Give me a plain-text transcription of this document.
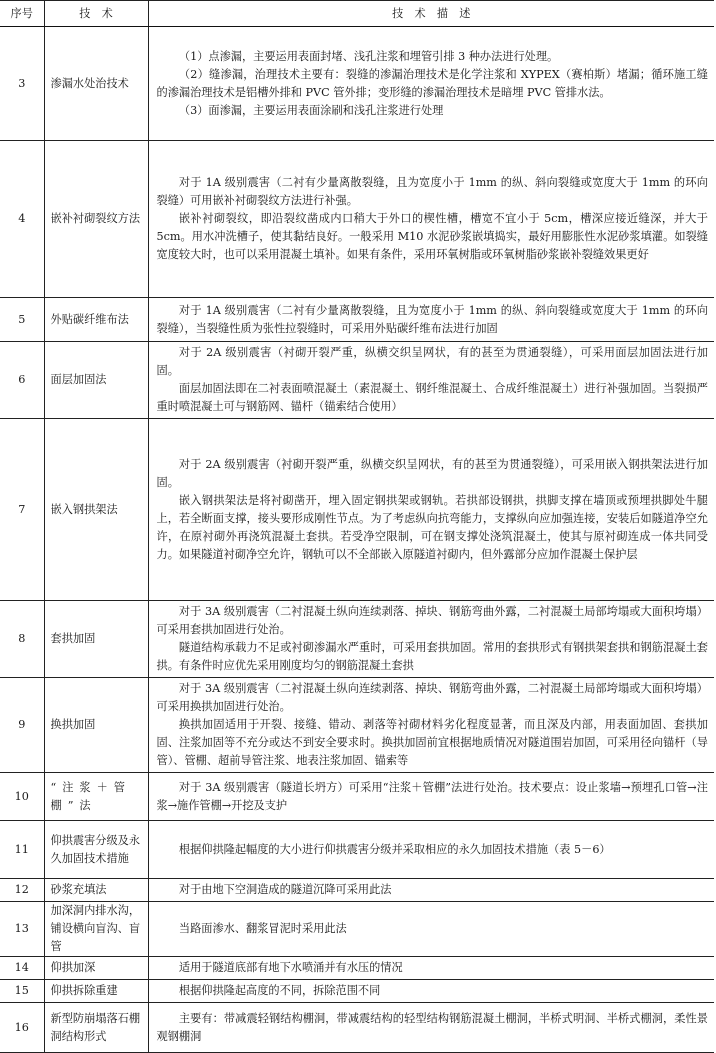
序号	技　术	技　术　描　述
3	渗漏水处治技术	（1）点渗漏，主要运用表面封堵、浅孔注浆和埋管引排 3 种办法进行处理。

（2）缝渗漏，治理技术主要有：裂缝的渗漏治理技术是化学注浆和 XYPEX（赛柏斯）堵漏；循环施工缝的渗漏治理技术是铝槽外排和 PVC 管外排；变形缝的渗漏治理技术是暗埋 PVC 管排水法。

（3）面渗漏，主要运用表面涂刷和浅孔注浆进行处理

4	嵌补衬砌裂纹方法	对于 1A 级别震害（二衬有少量离散裂缝，且为宽度小于 1mm 的纵、斜向裂缝或宽度大于 1mm 的环向裂缝）可用嵌补衬砌裂纹方法进行补强。

嵌补衬砌裂纹，即沿裂纹凿成内口稍大于外口的楔性槽，槽宽不宜小于 5cm，槽深应接近缝深，并大于 5cm。用水冲洗槽子，使其黏结良好。一般采用 M10 水泥砂浆嵌填捣实，最好用膨胀性水泥砂浆填灌。如裂缝宽度较大时，也可以采用混凝土填补。如果有条件，采用环氧树脂或环氧树脂砂浆嵌补裂缝效果更好

5	外贴碳纤维布法	对于 1A 级别震害（二衬有少量离散裂缝，且为宽度小于 1mm 的纵、斜向裂缝或宽度大于 1mm 的环向裂缝），当裂缝性质为张性拉裂缝时，可采用外贴碳纤维布法进行加固

6	面层加固法	对于 2A 级别震害（衬砌开裂严重，纵横交织呈网状，有的甚至为贯通裂缝），可采用面层加固法进行加固。

面层加固法即在二衬表面喷混凝土（素混凝土、钢纤维混凝土、合成纤维混凝土）进行补强加固。当裂损严重时喷混凝土可与钢筋网、锚杆（锚索结合使用）

7	嵌入钢拱架法	对于 2A 级别震害（衬砌开裂严重，纵横交织呈网状，有的甚至为贯通裂缝），可采用嵌入钢拱架法进行加固。

嵌入钢拱架法是将衬砌凿开，埋入固定钢拱架或钢轨。若拱部设钢拱，拱脚支撑在墙顶或预埋拱脚处牛腿上，若全断面支撑，接头要形成刚性节点。为了考虑纵向抗弯能力，支撑纵向应加强连接，安装后如隧道净空允许，在原衬砌外再浇筑混凝土套拱。若受净空限制，可在钢支撑处浇筑混凝土，使其与原衬砌连成一体共同受力。如果隧道衬砌净空允许，钢轨可以不全部嵌入原隧道衬砌内，但外露部分应加作混凝土保护层

8	套拱加固	对于 3A 级别震害（二衬混凝土纵向连续剥落、掉块、钢筋弯曲外露，二衬混凝土局部垮塌或大面积垮塌）可采用套拱加固进行处治。

隧道结构承载力不足或衬砌渗漏水严重时，可采用套拱加固。常用的套拱形式有钢拱架套拱和钢筋混凝土套拱。有条件时应优先采用刚度均匀的钢筋混凝土套拱

9	换拱加固	对于 3A 级别震害（二衬混凝土纵向连续剥落、掉块、钢筋弯曲外露，二衬混凝土局部垮塌或大面积垮塌）可采用换拱加固进行处治。

换拱加固适用于开裂、接缝、错动、剥落等衬砌材料劣化程度显著，而且深及内部，用表面加固、套拱加固、注浆加固等不充分或达不到安全要求时。换拱加固前宜根据地质情况对隧道围岩加固，可采用径向锚杆（导管）、管棚、超前导管注浆、地表注浆加固、锚索等

10	“注浆＋管棚”法	对于 3A 级别震害（隧道长坍方）可采用“注浆＋管棚”法进行处治。技术要点：设止浆墙→预埋孔口管→注浆→施作管棚→开挖及支护

11	仰拱震害分级及永久加固技术措施	根据仰拱隆起幅度的大小进行仰拱震害分级并采取相应的永久加固技术措施（表 5－6）

12	砂浆充填法	对于由地下空洞造成的隧道沉降可采用此法

13	加深洞内排水沟，铺设横向盲沟、盲管	当路面渗水、翻浆冒泥时采用此法

14	仰拱加深	适用于隧道底部有地下水喷涌并有水压的情况

15	仰拱拆除重建	根据仰拱隆起高度的不同，拆除范围不同

16	新型防崩塌落石棚洞结构形式	主要有：带减震轻钢结构棚洞，带减震结构的轻型结构钢筋混凝土棚洞，半桥式明洞、半桥式棚洞，柔性景观钢棚洞
